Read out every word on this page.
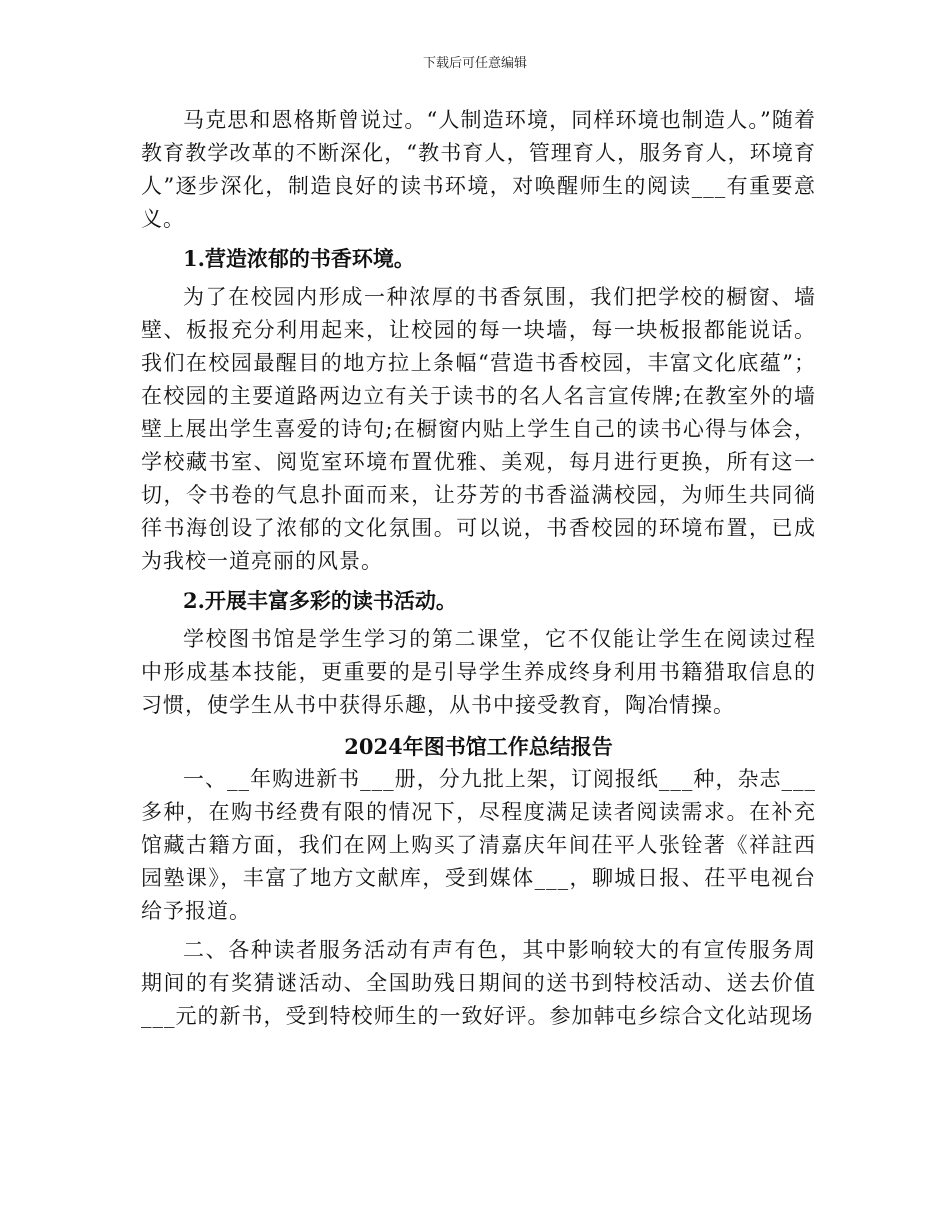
下载后可任意编辑

马克思和恩格斯曾说过。“人制造环境，同样环境也制造人。”随着教育教学改革的不断深化，“教书育人，管理育人，服务育人，环境育人”逐步深化，制造良好的读书环境，对唤醒师生的阅读___有重要意义。

1.营造浓郁的书香环境。

为了在校园内形成一种浓厚的书香氛围，我们把学校的橱窗、墙壁、板报充分利用起来，让校园的每一块墙，每一块板报都能说话。我们在校园最醒目的地方拉上条幅“营造书香校园，丰富文化底蕴”；在校园的主要道路两边立有关于读书的名人名言宣传牌;在教室外的墙壁上展出学生喜爱的诗句;在橱窗内贴上学生自己的读书心得与体会，学校藏书室、阅览室环境布置优雅、美观，每月进行更换，所有这一切，令书卷的气息扑面而来，让芬芳的书香溢满校园，为师生共同徜徉书海创设了浓郁的文化氛围。可以说，书香校园的环境布置，已成为我校一道亮丽的风景。

2.开展丰富多彩的读书活动。

学校图书馆是学生学习的第二课堂，它不仅能让学生在阅读过程中形成基本技能，更重要的是引导学生养成终身利用书籍猎取信息的习惯，使学生从书中获得乐趣，从书中接受教育，陶冶情操。

2024年图书馆工作总结报告

一、__年购进新书___册，分九批上架，订阅报纸___种，杂志___多种，在购书经费有限的情况下，尽程度满足读者阅读需求。在补充馆藏古籍方面，我们在网上购买了清嘉庆年间茌平人张铨著《祥註西园塾课》，丰富了地方文献库，受到媒体___，聊城日报、茌平电视台给予报道。

二、各种读者服务活动有声有色，其中影响较大的有宣传服务周期间的有奖猜谜活动、全国助残日期间的送书到特校活动、送去价值___元的新书，受到特校师生的一致好评。参加韩屯乡综合文化站现场
